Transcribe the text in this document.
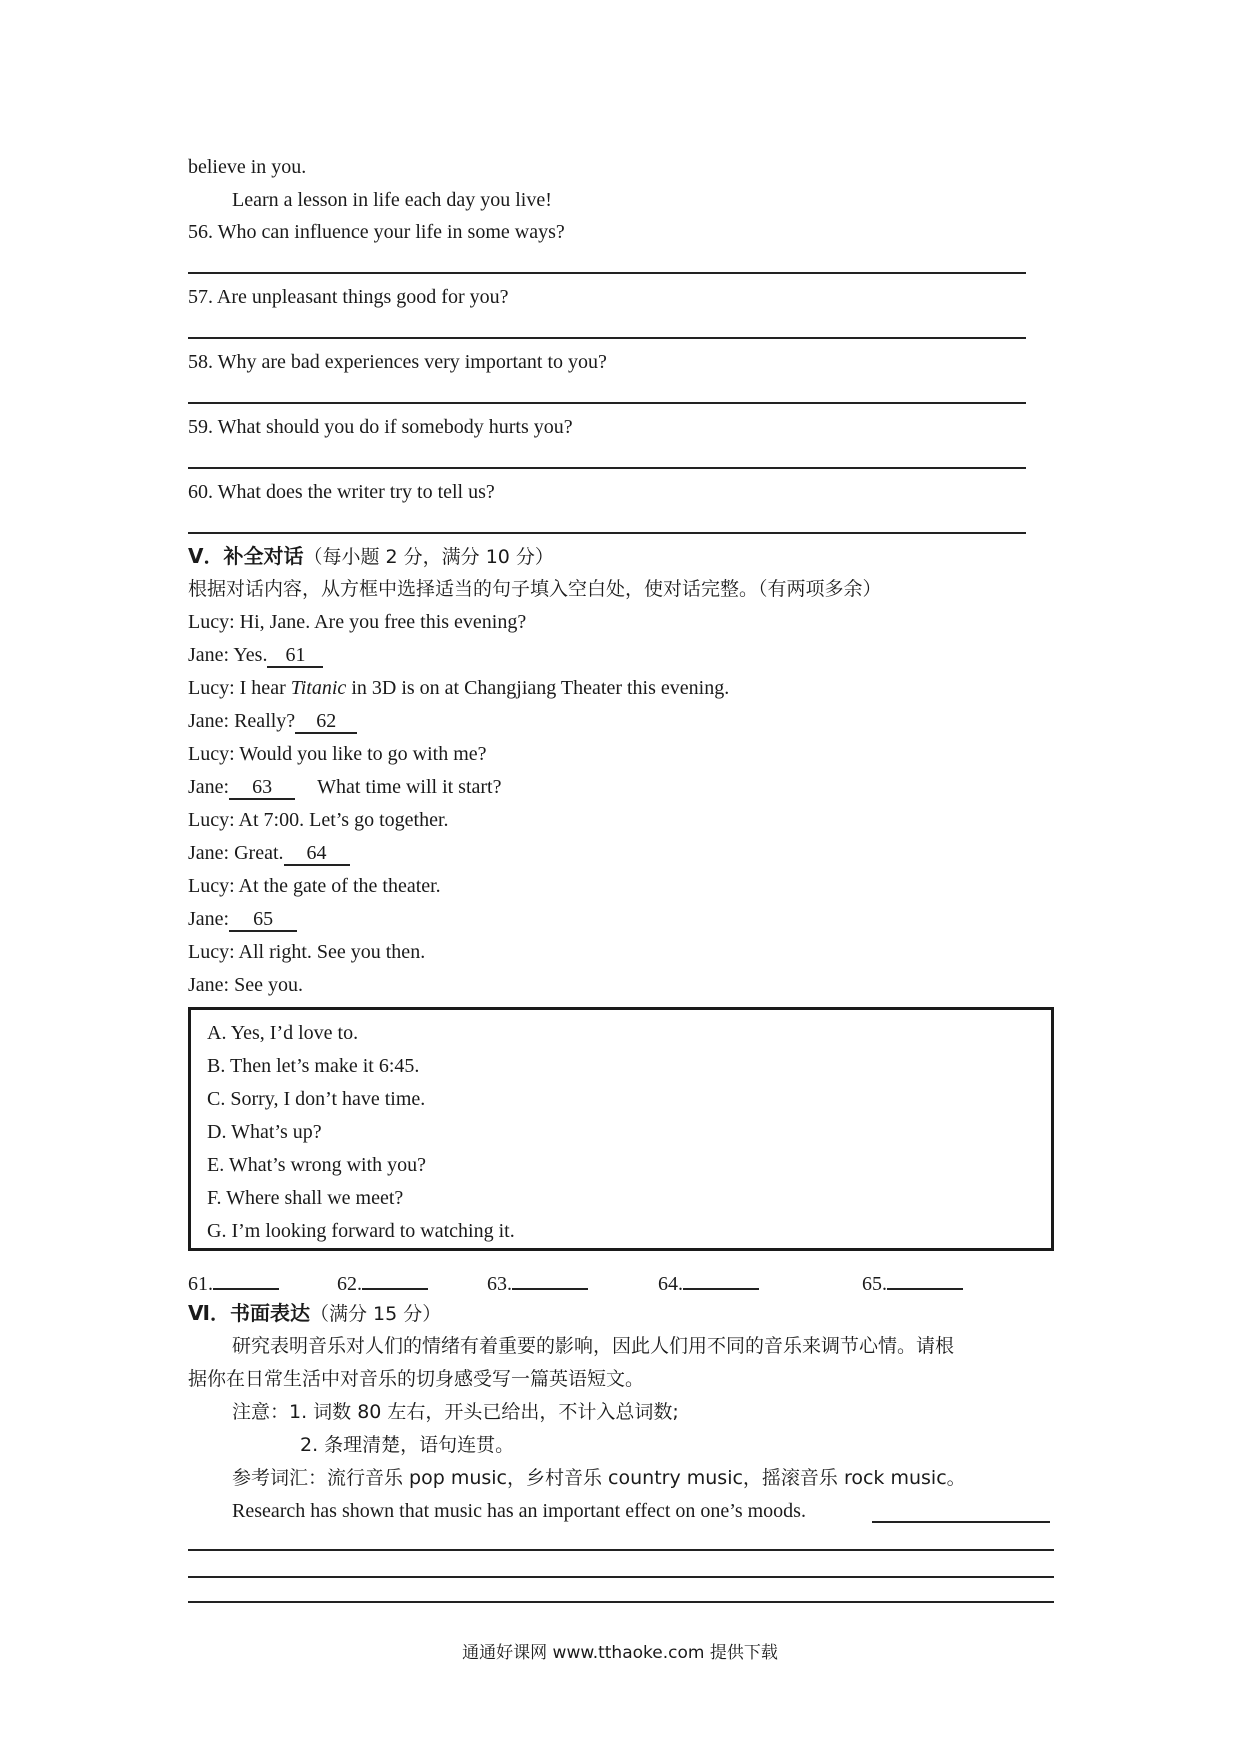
believe in you.
Learn a lesson in life each day you live!
56. Who can influence your life in some ways?
57. Are unpleasant things good for you?
58. Why are bad experiences very important to you?
59. What should you do if somebody hurts you?
60. What does the writer try to tell us?
V．补全对话（每小题 2 分，满分 10 分）
根据对话内容，从方框中选择适当的句子填入空白处，使对话完整。（有两项多余）
Lucy: Hi, Jane. Are you free this evening?
Jane: Yes. 61
Lucy: I hear Titanic in 3D is on at Changjiang Theater this evening.
Jane: Really? 62
Lucy: Would you like to go with me?
Jane: 63 What time will it start?
Lucy: At 7:00. Let’s go together.
Jane: Great. 64
Lucy: At the gate of the theater.
Jane: 65
Lucy: All right. See you then.
Jane: See you.
A. Yes, I’d love to.
B. Then let’s make it 6:45.
C. Sorry, I don’t have time.
D. What’s up?
E. What’s wrong with you?
F. Where shall we meet?
G. I’m looking forward to watching it.
61.	62.	63.	64.	65.
Ⅵ．书面表达（满分 15 分）
研究表明音乐对人们的情绪有着重要的影响，因此人们用不同的音乐来调节心情。请根
据你在日常生活中对音乐的切身感受写一篇英语短文。
注意：1. 词数 80 左右，开头已给出，不计入总词数;
2. 条理清楚，语句连贯。
参考词汇：流行音乐 pop music，乡村音乐 country music，摇滚音乐 rock music。
Research has shown that music has an important effect on one’s moods.
通通好课网 www.tthaoke.com 提供下载
